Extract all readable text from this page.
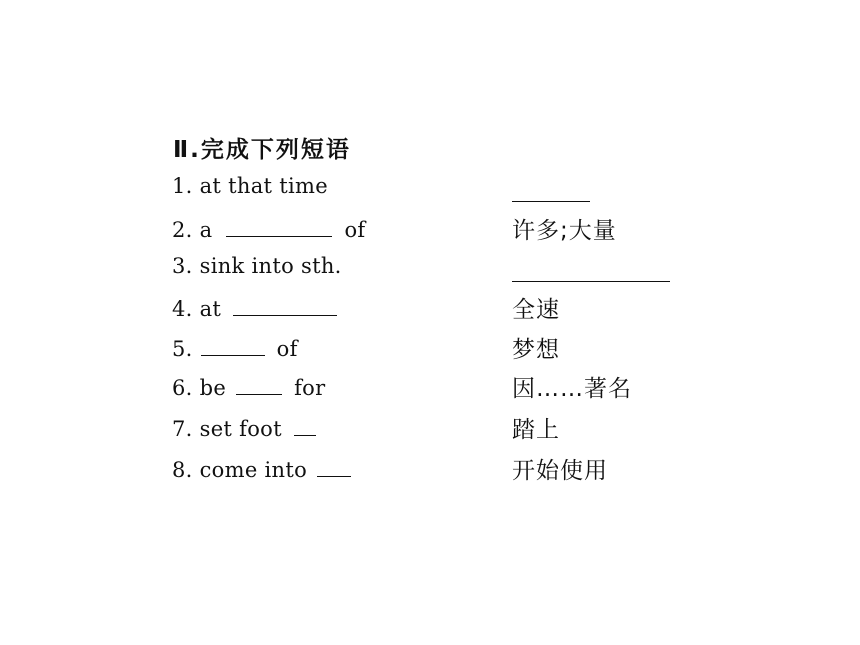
Ⅱ.完成下列短语
1. at that time
2. a	of	许多;大量
3. sink into sth.
4. at	全速
5.	of	梦想
6. be	for	因……著名
7. set foot	踏上
8. come into	开始使用
